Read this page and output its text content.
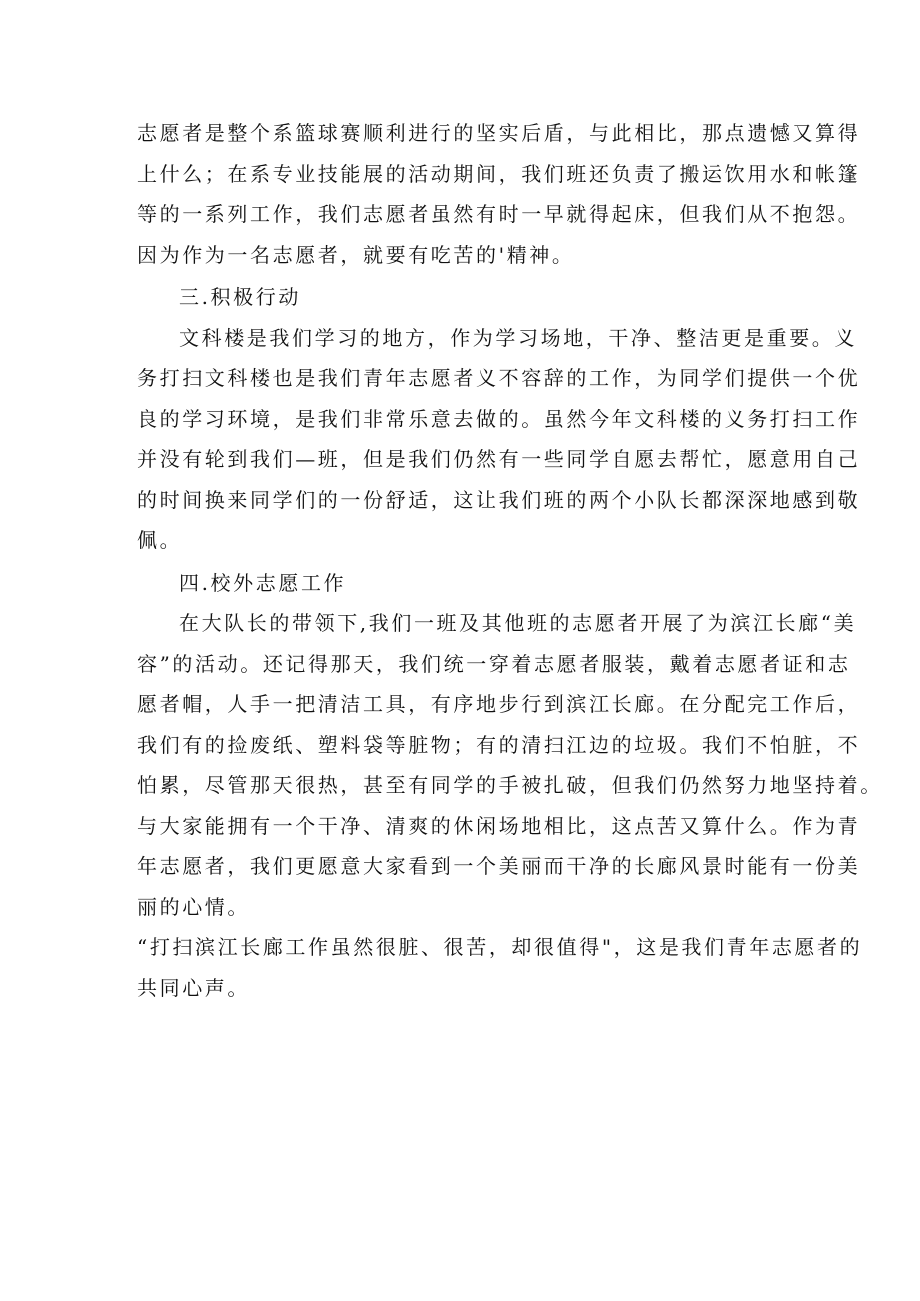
志愿者是整个系篮球赛顺利进行的坚实后盾，与此相比，那点遗憾又算得
上什么；在系专业技能展的活动期间，我们班还负责了搬运饮用水和帐篷
等的一系列工作，我们志愿者虽然有时一早就得起床，但我们从不抱怨。
因为作为一名志愿者，就要有吃苦的'精神。
三.积极行动
文科楼是我们学习的地方，作为学习场地，干净、整洁更是重要。义
务打扫文科楼也是我们青年志愿者义不容辞的工作，为同学们提供一个优
良的学习环境，是我们非常乐意去做的。虽然今年文科楼的义务打扫工作
并没有轮到我们—班，但是我们仍然有一些同学自愿去帮忙，愿意用自己
的时间换来同学们的一份舒适，这让我们班的两个小队长都深深地感到敬
佩。
四.校外志愿工作
在大队长的带领下,我们一班及其他班的志愿者开展了为滨江长廊“美
容”的活动。还记得那天，我们统一穿着志愿者服装，戴着志愿者证和志
愿者帽，人手一把清洁工具，有序地步行到滨江长廊。在分配完工作后，
我们有的捡废纸、塑料袋等脏物；有的清扫江边的垃圾。我们不怕脏，不
怕累，尽管那天很热，甚至有同学的手被扎破，但我们仍然努力地坚持着。
与大家能拥有一个干净、清爽的休闲场地相比，这点苦又算什么。作为青
年志愿者，我们更愿意大家看到一个美丽而干净的长廊风景时能有一份美
丽的心情。
“打扫滨江长廊工作虽然很脏、很苦，却很值得"，这是我们青年志愿者的
共同心声。
